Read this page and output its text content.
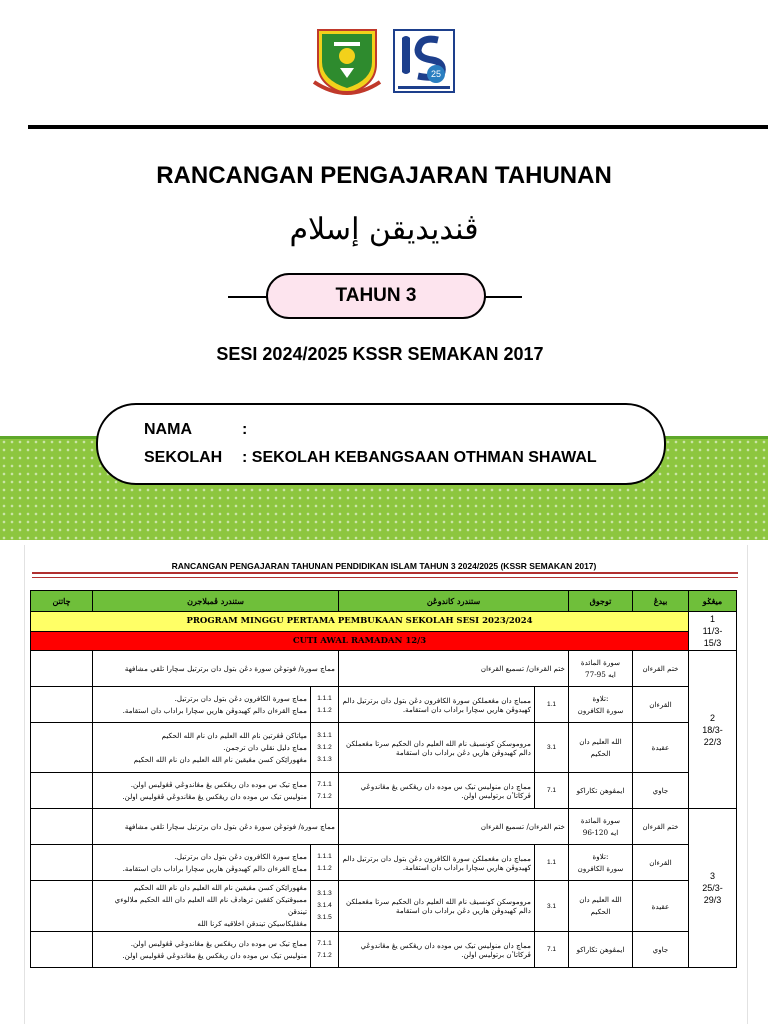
25
RANCANGAN PENGAJARAN TAHUNAN
ڤنديديقن إسلام
TAHUN 3
SESI 2024/2025 KSSR SEMAKAN 2017
NAMA	:
SEKOLAH : SEKOLAH KEBANGSAAN OTHMAN SHAWAL
RANCANGAN PENGAJARAN TAHUNAN PENDIDIKAN ISLAM TAHUN 3 2024/2025 (KSSR SEMAKAN 2017)
چاتتن	ستندرد ڤمبلاجرن		ستندرد کاندوڠن		توجوق	بيدڠ	ميڠݢو
PROGRAM MINGGU PERTAMA PEMBUKAAN SEKOLAH SESI 2023/2024							1
11/3-
15/3

CUTI AWAL RAMADAN 12/3							
	مماچ سورة/ فوتوڠن سورة دڠن بتول دان برترتيل سچارا تلقي مشافهة		ختم القرءان/ تسميع القرءان		سورة المائدة
ايه 95-77	ختم القرءان	2
18/3-
22/3

	مماچ سورة الكافرون دڠن بتول دان برترتيل.
مماچ القرءان دالم کهيدوڤن هاريں سچارا براداب دان استقامة.	1.1.1
1.1.2	ممباچ دان مڠعملكن سورة الكافرون دڠن بتول دان برترتيل دالم کهيدوڤن هاريں سچارا براداب دان استقامة.	1.1	تلاوة:
سورة الكافرون	القرءان	

	مڽاتاکن ڤڠرتين نام الله العليم دان نام الله الحکيم
مماچ دليل نقلي دان ترجمن.
مڠهوراێکن کسن مڠيقين نام الله العليم دان نام الله الحکيم	3.1.1
3.1.2
3.1.3	مروموسکن کونسيڤ نام الله العليم دان الحکيم سرتا مڠعملکن دالم کهيدوڤن هاريں دڠن براداب دان استقامة	3.1	الله العليم دان
الحکيم	عقيدة	

	مماچ تيک س موده دان ريڠکس يڠ مڠاندوڠي ڤڠوليس اولن.
منوليس تيک س موده دان ريڠکس يڠ مڠاندوڠي ڤڠوليس اولن.	7.1.1
7.1.2	مماچ دان منوليس تيک س موده دان ريڠکس يڠ مڠاندوڠي ڤرکاتاٴن برتوليس اولن.	7.1	ايمڤوهن تکاراکو	جاوي	
	مماچ سورة/ فوتوڠن سورة دڠن بتول دان برترتيل سچارا تلقي مشافهة		ختم القرءان/ تسميع القرءان		سورة المائدة
ايه 120-96	ختم القرءان	3
25/3-
29/3

	مماچ سورة الكافرون دڠن بتول دان برترتيل.
مماچ القرءان دالم کهيدوڤن هاريں سچارا براداب دان استقامة.	1.1.1
1.1.2	ممباچ دان مڠعملكن سورة الكافرون دڠن بتول دان برترتيل دالم کهيدوڤن هاريں سچارا براداب دان استقامة.	1.1	تلاوة:
سورة الكافرون	القرءان	

	مڠهوراێکن کسن مڠيقين نام الله العليم دان نام الله الحکيم
ممبوقتيکن کڤقين ترهادڤ نام الله العليم دان الله الحکيم ملالوءي تيندقن
مڠڤليکاسيکن تيندقن اخلاقيه کرنا الله	3.1.3
3.1.4
3.1.5	مروموسکن کونسيڤ نام الله العليم دان الحکيم سرتا مڠعملکن دالم کهيدوڤن هاريں دڠن براداب دان استقامة	3.1	الله العليم دان
الحکيم	عقيدة	

	مماچ تيک س موده دان ريڠکس يڠ مڠاندوڠي ڤڠوليس اولن.
منوليس تيک س موده دان ريڠکس يڠ مڠاندوڠي ڤڠوليس اولن.	7.1.1
7.1.2	مماچ دان منوليس تيک س موده دان ريڠکس يڠ مڠاندوڠي ڤرکاتاٴن برتوليس اولن.	7.1	ايمڤوهن تکاراکو	جاوي	
